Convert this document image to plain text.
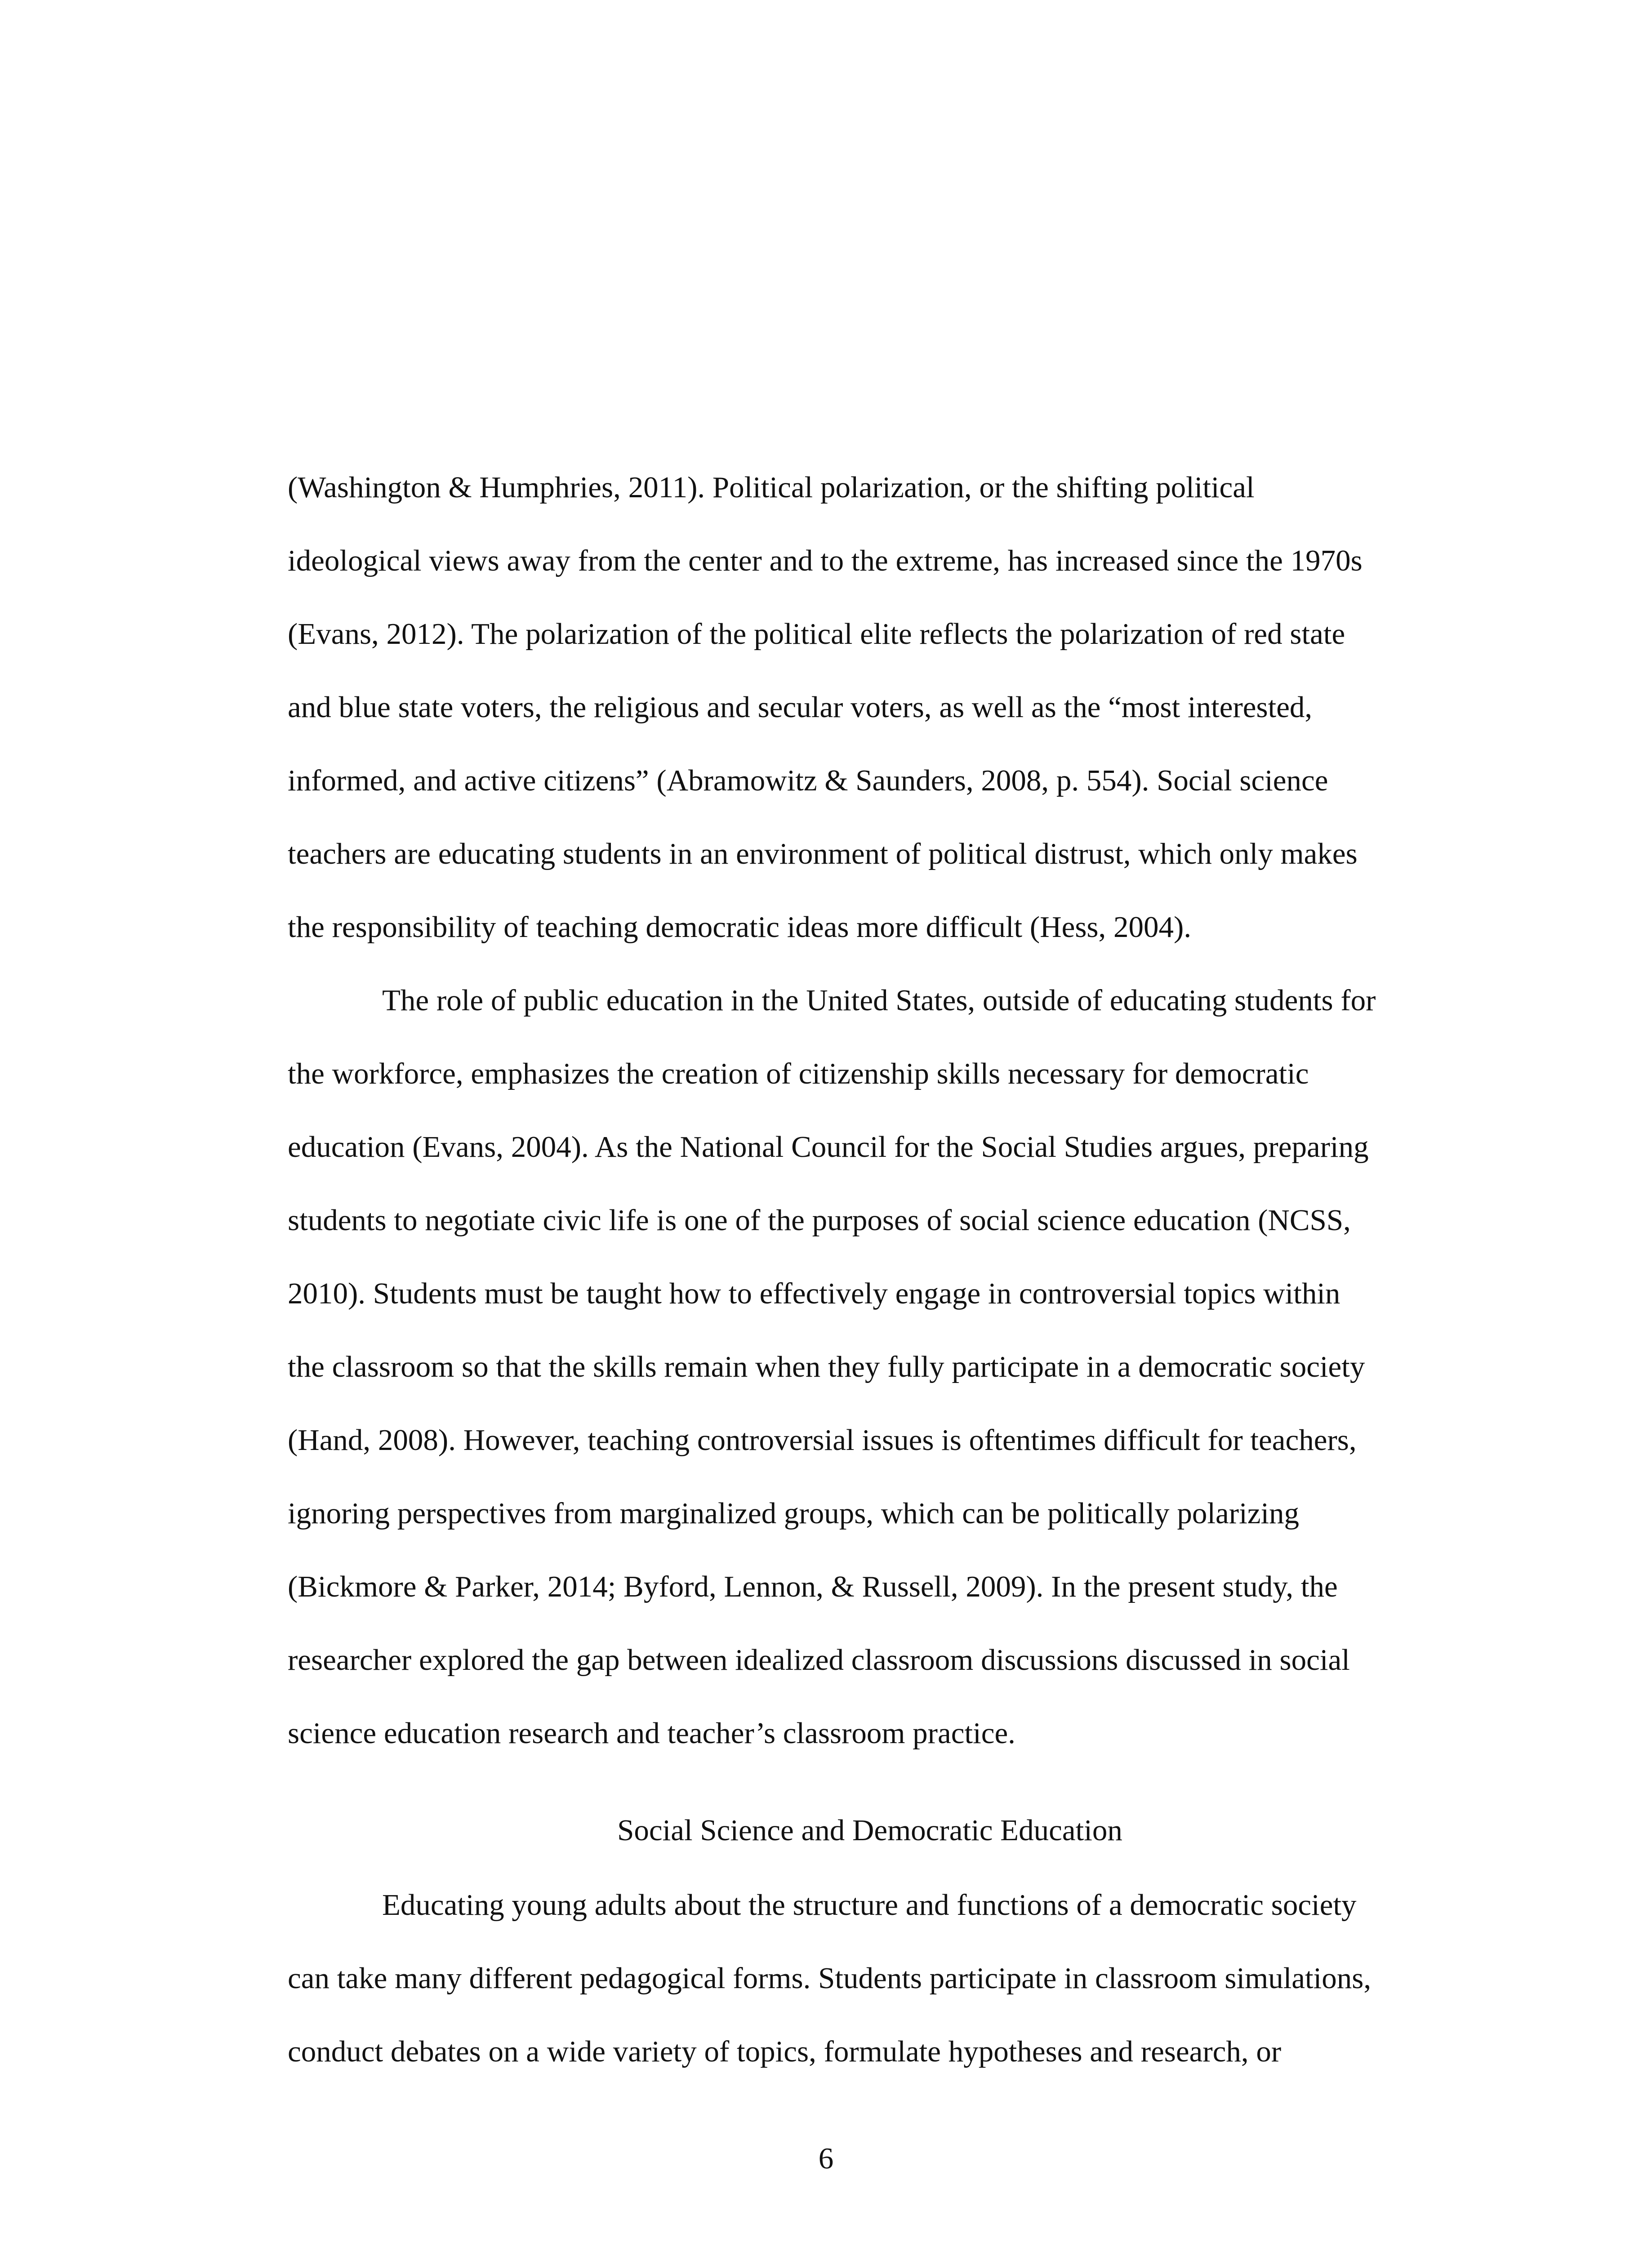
(Washington & Humphries, 2011). Political polarization, or the shifting political
ideological views away from the center and to the extreme, has increased since the 1970s
(Evans, 2012). The polarization of the political elite reflects the polarization of red state
and blue state voters, the religious and secular voters, as well as the “most interested,
informed, and active citizens” (Abramowitz & Saunders, 2008, p. 554). Social science
teachers are educating students in an environment of political distrust, which only makes
the responsibility of teaching democratic ideas more difficult (Hess, 2004).
The role of public education in the United States, outside of educating students for
the workforce, emphasizes the creation of citizenship skills necessary for democratic
education (Evans, 2004). As the National Council for the Social Studies argues, preparing
students to negotiate civic life is one of the purposes of social science education (NCSS,
2010). Students must be taught how to effectively engage in controversial topics within
the classroom so that the skills remain when they fully participate in a democratic society
(Hand, 2008). However, teaching controversial issues is oftentimes difficult for teachers,
ignoring perspectives from marginalized groups, which can be politically polarizing
(Bickmore & Parker, 2014; Byford, Lennon, & Russell, 2009). In the present study, the
researcher explored the gap between idealized classroom discussions discussed in social
science education research and teacher’s classroom practice.
Social Science and Democratic Education
Educating young adults about the structure and functions of a democratic society
can take many different pedagogical forms. Students participate in classroom simulations,
conduct debates on a wide variety of topics, formulate hypotheses and research, or
6
